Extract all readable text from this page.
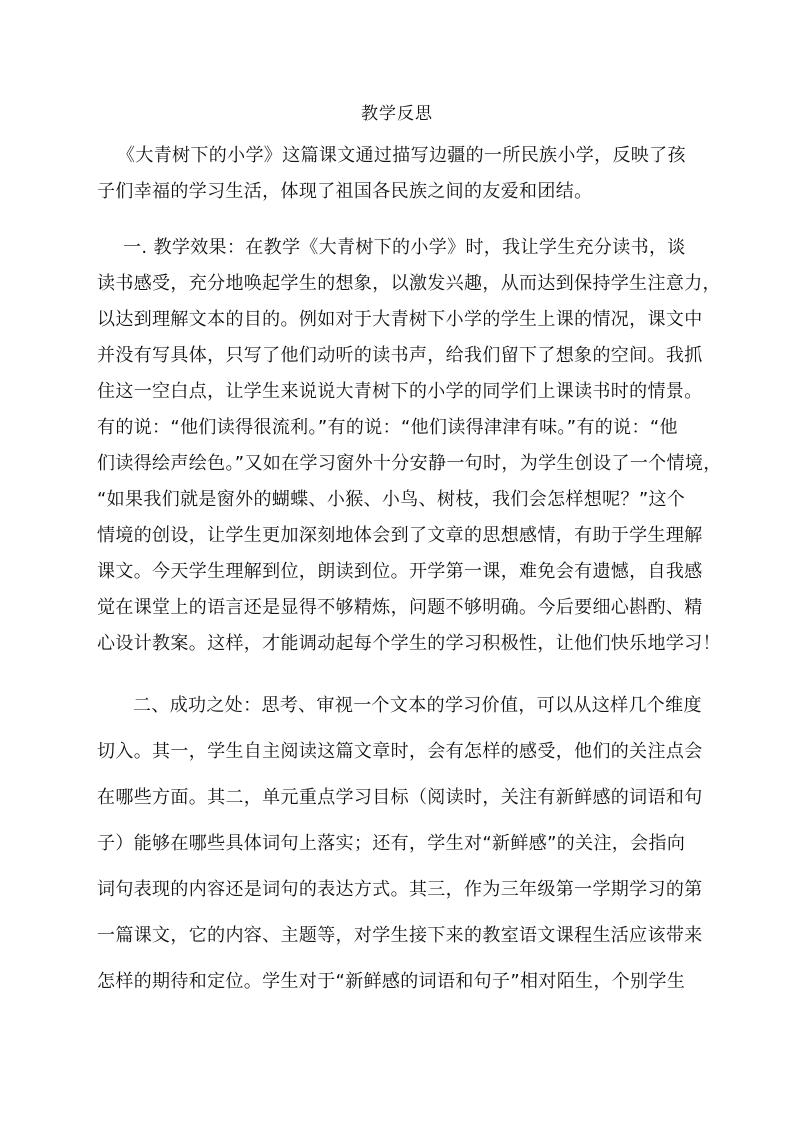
教学反思
《大青树下的小学》这篇课文通过描写边疆的一所民族小学，反映了孩
子们幸福的学习生活，体现了祖国各民族之间的友爱和团结。
一. 教学效果：在教学《大青树下的小学》时，我让学生充分读书，谈
读书感受，充分地唤起学生的想象，以激发兴趣，从而达到保持学生注意力，
以达到理解文本的目的。例如对于大青树下小学的学生上课的情况，课文中
并没有写具体，只写了他们动听的读书声，给我们留下了想象的空间。我抓
住这一空白点，让学生来说说大青树下的小学的同学们上课读书时的情景。
有的说：“他们读得很流利。”有的说：“他们读得津津有味。”有的说：“他
们读得绘声绘色。”又如在学习窗外十分安静一句时，为学生创设了一个情境，
“如果我们就是窗外的蝴蝶、小猴、小鸟、树枝，我们会怎样想呢？”这个
情境的创设，让学生更加深刻地体会到了文章的思想感情，有助于学生理解
课文。今天学生理解到位，朗读到位。开学第一课，难免会有遗憾，自我感
觉在课堂上的语言还是显得不够精炼，问题不够明确。今后要细心斟酌、精
心设计教案。这样，才能调动起每个学生的学习积极性，让他们快乐地学习！
二、成功之处：思考、审视一个文本的学习价值，可以从这样几个维度
切入。其一，学生自主阅读这篇文章时，会有怎样的感受，他们的关注点会
在哪些方面。其二，单元重点学习目标（阅读时，关注有新鲜感的词语和句
子）能够在哪些具体词句上落实；还有，学生对“新鲜感”的关注，会指向
词句表现的内容还是词句的表达方式。其三，作为三年级第一学期学习的第
一篇课文，它的内容、主题等，对学生接下来的教室语文课程生活应该带来
怎样的期待和定位。学生对于“新鲜感的词语和句子”相对陌生，个别学生
